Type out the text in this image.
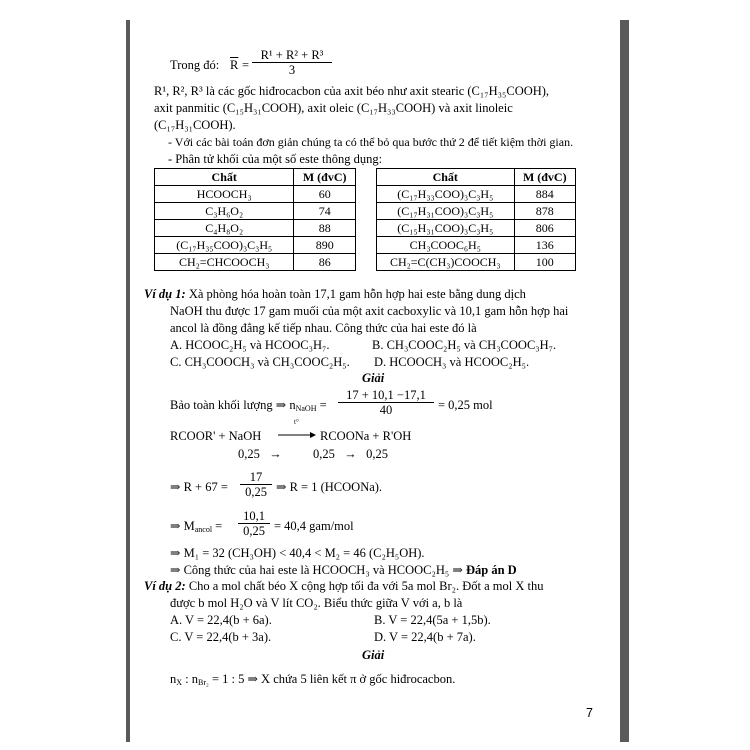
Trong đó: $\overline{R} = \frac{\text{R¹ + R² + R³}}{3}$
R¹, R², R³ là các gốc hiđrocacbon của axit béo như axit stearic (C₁₇H₃₅COOH),
axit panmitic (C₁₅H₃₁COOH), axit oleic (C₁₇H₃₃COOH) và axit linoleic
(C₁₇H₃₁COOH).
- Với các bài toán đơn giản chúng ta có thể bỏ qua bước thứ 2 để tiết kiệm thời gian.
- Phân tử khối của một số este thông dụng:
Chất	M (đvC)
HCOOCH₃	60
C₃H₆O₂	74
C₄H₈O₂	88
(C₁₇H₃₅COO)₃C₃H₅	890
CH₂=CHCOOCH₃	86
Chất	M (đvC)
(C₁₇H₃₃COO)₃C₃H₅	884
(C₁₇H₃₁COO)₃C₃H₅	878
(C₁₅H₃₁COO)₃C₃H₅	806
CH₃COOC₆H₅	136
CH₂=C(CH₃)COOCH₃	100
Ví dụ 1: Xà phòng hóa hoàn toàn 17,1 gam hỗn hợp hai este bằng dung dịch
NaOH thu được 17 gam muối của một axit cacboxylic và 10,1 gam hỗn hợp hai
ancol là đồng đẳng kế tiếp nhau. Công thức của hai este đó là
A. HCOOC₂H₅ và HCOOC₃H₇.	B. CH₃COOC₂H₅ và CH₃COOC₃H₇.
C. CH₃COOCH₃ và CH₃COOC₂H₅. D. HCOOCH₃ và HCOOC₂H₅.
Giải
Bảo toàn khối lượng ⇒ $n_{NaOH} = \frac{17 + 10,1 -17,1}{40} = 0,25$ mol
RCOOR' + NaOH →
t°
RCOONa + R'OH
0,25   →          0,25   →   0,25
⇒ $R + 67 = \frac{17}{0,25}$ ⇒ R = 1 (HCOONa).
⇒ $M_{ancol} = \frac{10,1}{0,25} = 40,4$ gam/mol
⇒ M₁ = 32 (CH₃OH) < 40,4 < M₂ = 46 (C₂H₅OH).
⇒ Công thức của hai este là HCOOCH₃ và HCOOC₂H₅ ⇒ Đáp án D
Ví dụ 2: Cho a mol chất béo X cộng hợp tối đa với 5a mol Br₂. Đốt a mol X thu
được b mol H₂O và V lít CO₂. Biểu thức giữa V với a, b là
A. V = 22,4(b + 6a).	B. V = 22,4(5a + 1,5b).
C. V = 22,4(b + 3a).	D. V = 22,4(b + 7a).
Giải
$n_X$ : $n_{Br_2} = 1$ : 5 ⇒ X chứa 5 liên kết π ở gốc hiđrocacbon.
7
